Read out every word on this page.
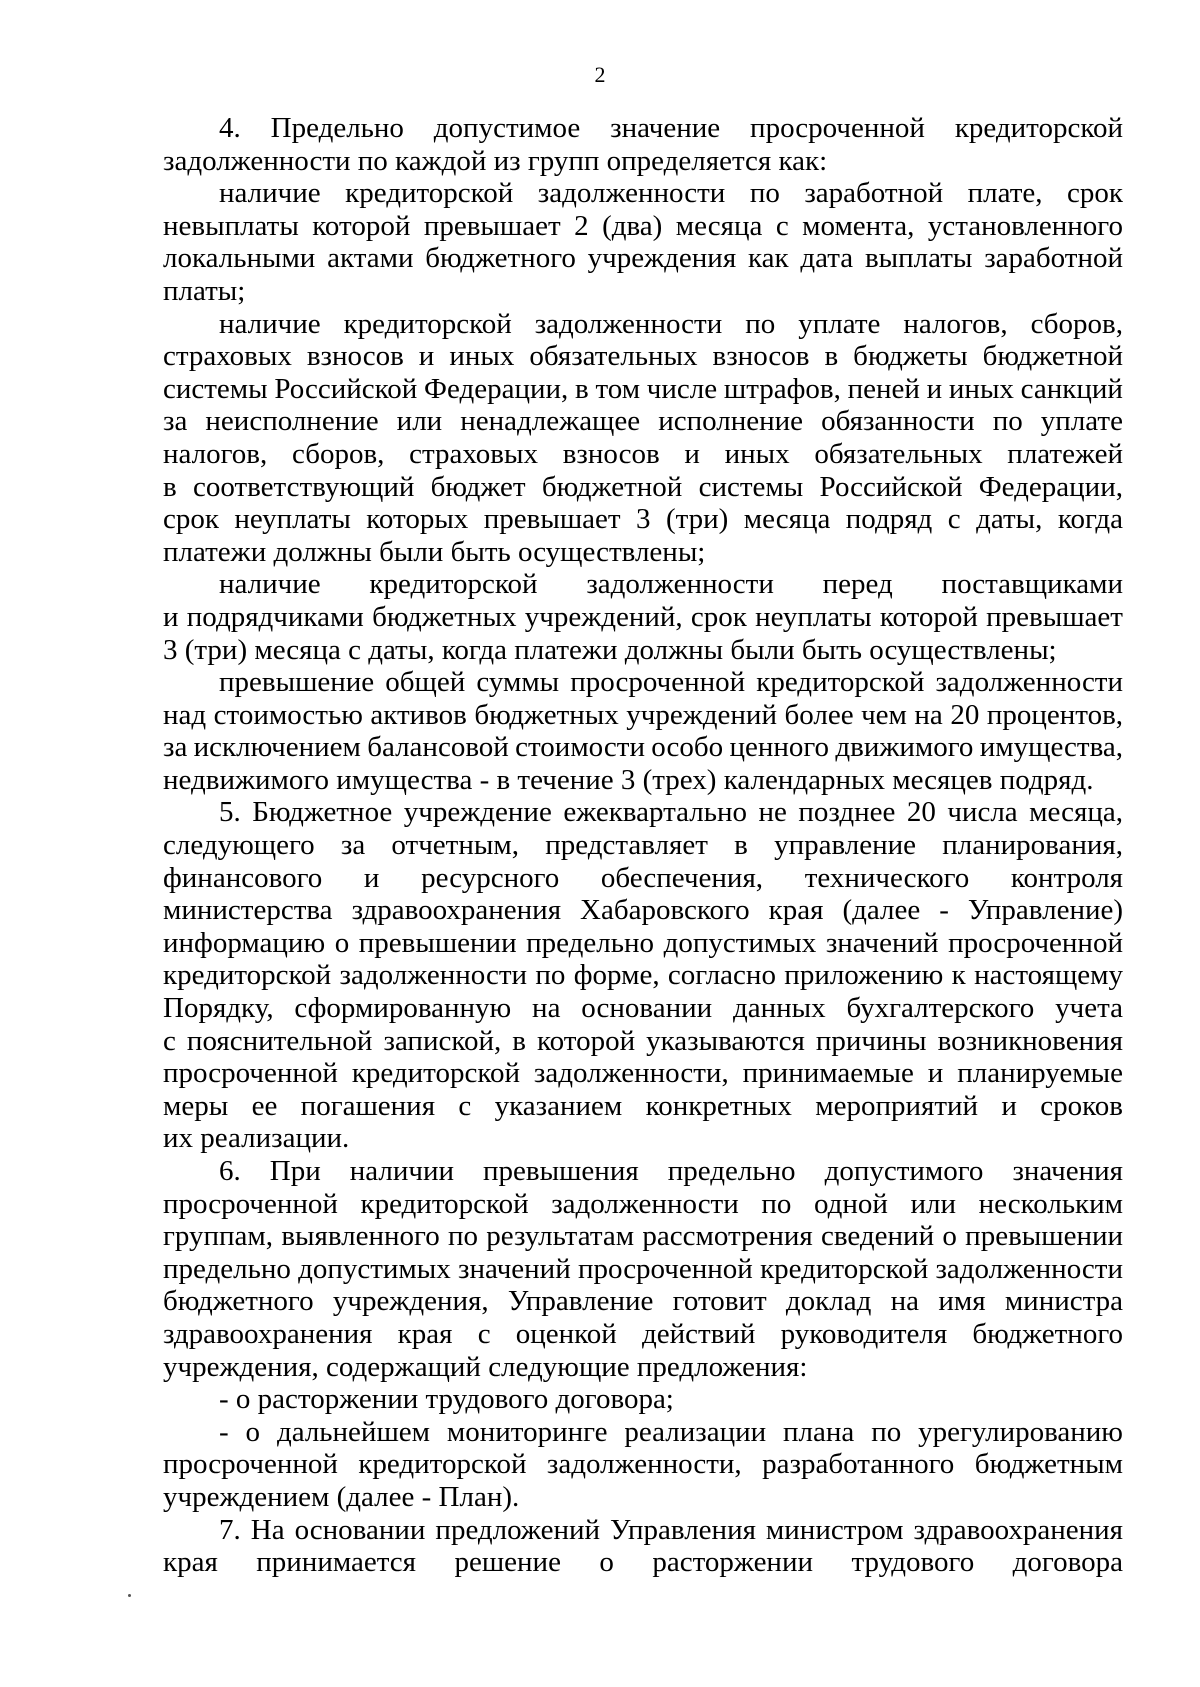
2
4. Предельно допустимое значение просроченной кредиторской
задолженности по каждой из групп определяется как:
наличие кредиторской задолженности по заработной плате, срок
невыплаты которой превышает 2 (два) месяца с момента, установленного
локальными актами бюджетного учреждения как дата выплаты заработной
платы;
наличие кредиторской задолженности по уплате налогов, сборов,
страховых взносов и иных обязательных взносов в бюджеты бюджетной
системы Российской Федерации, в том числе штрафов, пеней и иных санкций
за неисполнение или ненадлежащее исполнение обязанности по уплате
налогов, сборов, страховых взносов и иных обязательных платежей
в соответствующий бюджет бюджетной системы Российской Федерации,
срок неуплаты которых превышает 3 (три) месяца подряд с даты, когда
платежи должны были быть осуществлены;
наличие кредиторской задолженности перед поставщиками
и подрядчиками бюджетных учреждений, срок неуплаты которой превышает
3 (три) месяца с даты, когда платежи должны были быть осуществлены;
превышение общей суммы просроченной кредиторской задолженности
над стоимостью активов бюджетных учреждений более чем на 20 процентов,
за исключением балансовой стоимости особо ценного движимого имущества,
недвижимого имущества - в течение 3 (трех) календарных месяцев подряд.
5. Бюджетное учреждение ежеквартально не позднее 20 числа месяца,
следующего за отчетным, представляет в управление планирования,
финансового и ресурсного обеспечения, технического контроля
министерства здравоохранения Хабаровского края (далее - Управление)
информацию о превышении предельно допустимых значений просроченной
кредиторской задолженности по форме, согласно приложению к настоящему
Порядку, сформированную на основании данных бухгалтерского учета
с пояснительной запиской, в которой указываются причины возникновения
просроченной кредиторской задолженности, принимаемые и планируемые
меры ее погашения с указанием конкретных мероприятий и сроков
их реализации.
6. При наличии превышения предельно допустимого значения
просроченной кредиторской задолженности по одной или нескольким
группам, выявленного по результатам рассмотрения сведений о превышении
предельно допустимых значений просроченной кредиторской задолженности
бюджетного учреждения, Управление готовит доклад на имя министра
здравоохранения края с оценкой действий руководителя бюджетного
учреждения, содержащий следующие предложения:
- о расторжении трудового договора;
- о дальнейшем мониторинге реализации плана по урегулированию
просроченной кредиторской задолженности, разработанного бюджетным
учреждением (далее - План).
7. На основании предложений Управления министром здравоохранения
края принимается решение о расторжении трудового договора
